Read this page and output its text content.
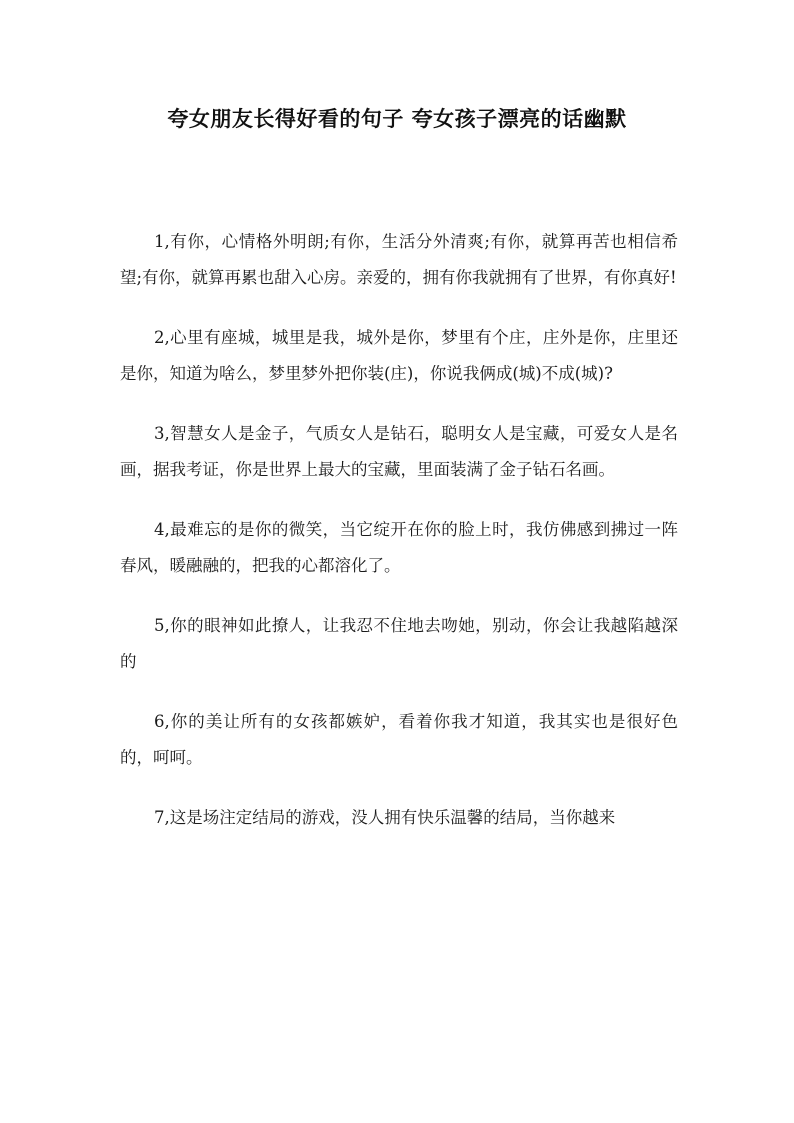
夸女朋友长得好看的句子 夸女孩子漂亮的话幽默

1,有你，心情格外明朗;有你，生活分外清爽;有你，就算再苦也相信希望;有你，就算再累也甜入心房。亲爱的，拥有你我就拥有了世界，有你真好!

2,心里有座城，城里是我，城外是你，梦里有个庄，庄外是你，庄里还是你，知道为啥么，梦里梦外把你装(庄)，你说我俩成(城)不成(城)?

3,智慧女人是金子，气质女人是钻石，聪明女人是宝藏，可爱女人是名画，据我考证，你是世界上最大的宝藏，里面装满了金子钻石名画。

4,最难忘的是你的微笑，当它绽开在你的脸上时，我仿佛感到拂过一阵春风，暖融融的，把我的心都溶化了。

5,你的眼神如此撩人，让我忍不住地去吻她，别动，你会让我越陷越深的

6,你的美让所有的女孩都嫉妒，看着你我才知道，我其实也是很好色的，呵呵。

7,这是场注定结局的游戏，没人拥有快乐温馨的结局，当你越来
